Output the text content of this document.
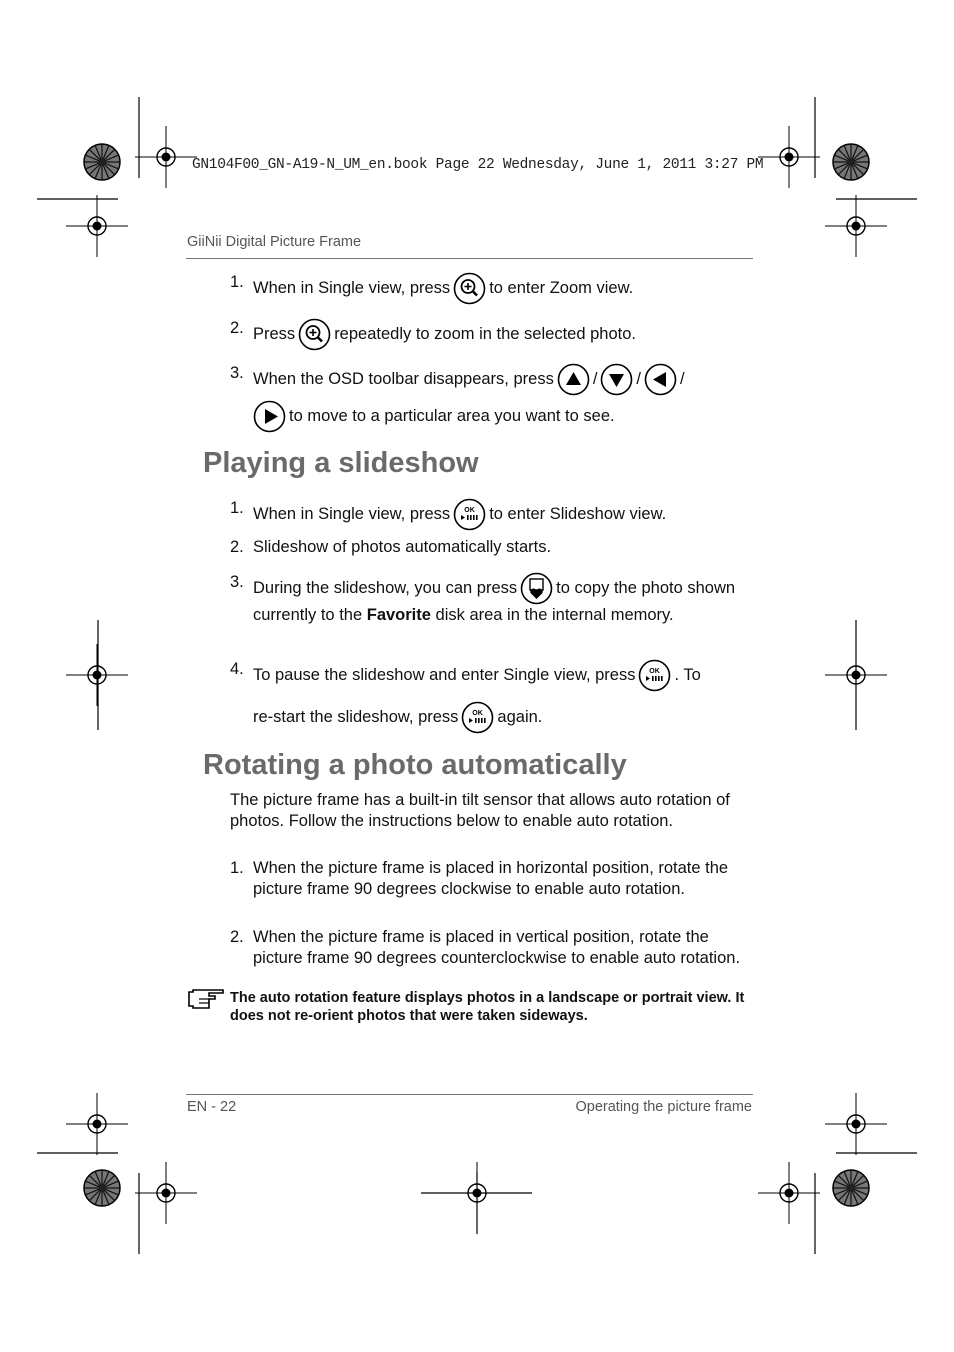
GN104F00_GN-A19-N_UM_en.book Page 22 Wednesday, June 1, 2011 3:27 PM
GiiNii Digital Picture Frame
1. When in Single view, press to enter Zoom view.
2. Press repeatedly to zoom in the selected photo.
3. When the OSD toolbar disappears, press / / /
to move to a particular area you want to see.
Playing a slideshow
1. When in Single view, press OK to enter Slideshow view.
2. Slideshow of photos automatically starts.
3. During the slideshow, you can press to copy the photo shown currently to the Favorite disk area in the internal memory.
4. To pause the slideshow and enter Single view, press OK . To
re-start the slideshow, press OK again.
Rotating a photo automatically
The picture frame has a built-in tilt sensor that allows auto rotation of photos. Follow the instructions below to enable auto rotation.
1. When the picture frame is placed in horizontal position, rotate the picture frame 90 degrees clockwise to enable auto rotation.
2. When the picture frame is placed in vertical position, rotate the picture frame 90 degrees counterclockwise to enable auto rotation.
The auto rotation feature displays photos in a landscape or portrait view. It does not re-orient photos that were taken sideways.
EN - 22	Operating the picture frame
